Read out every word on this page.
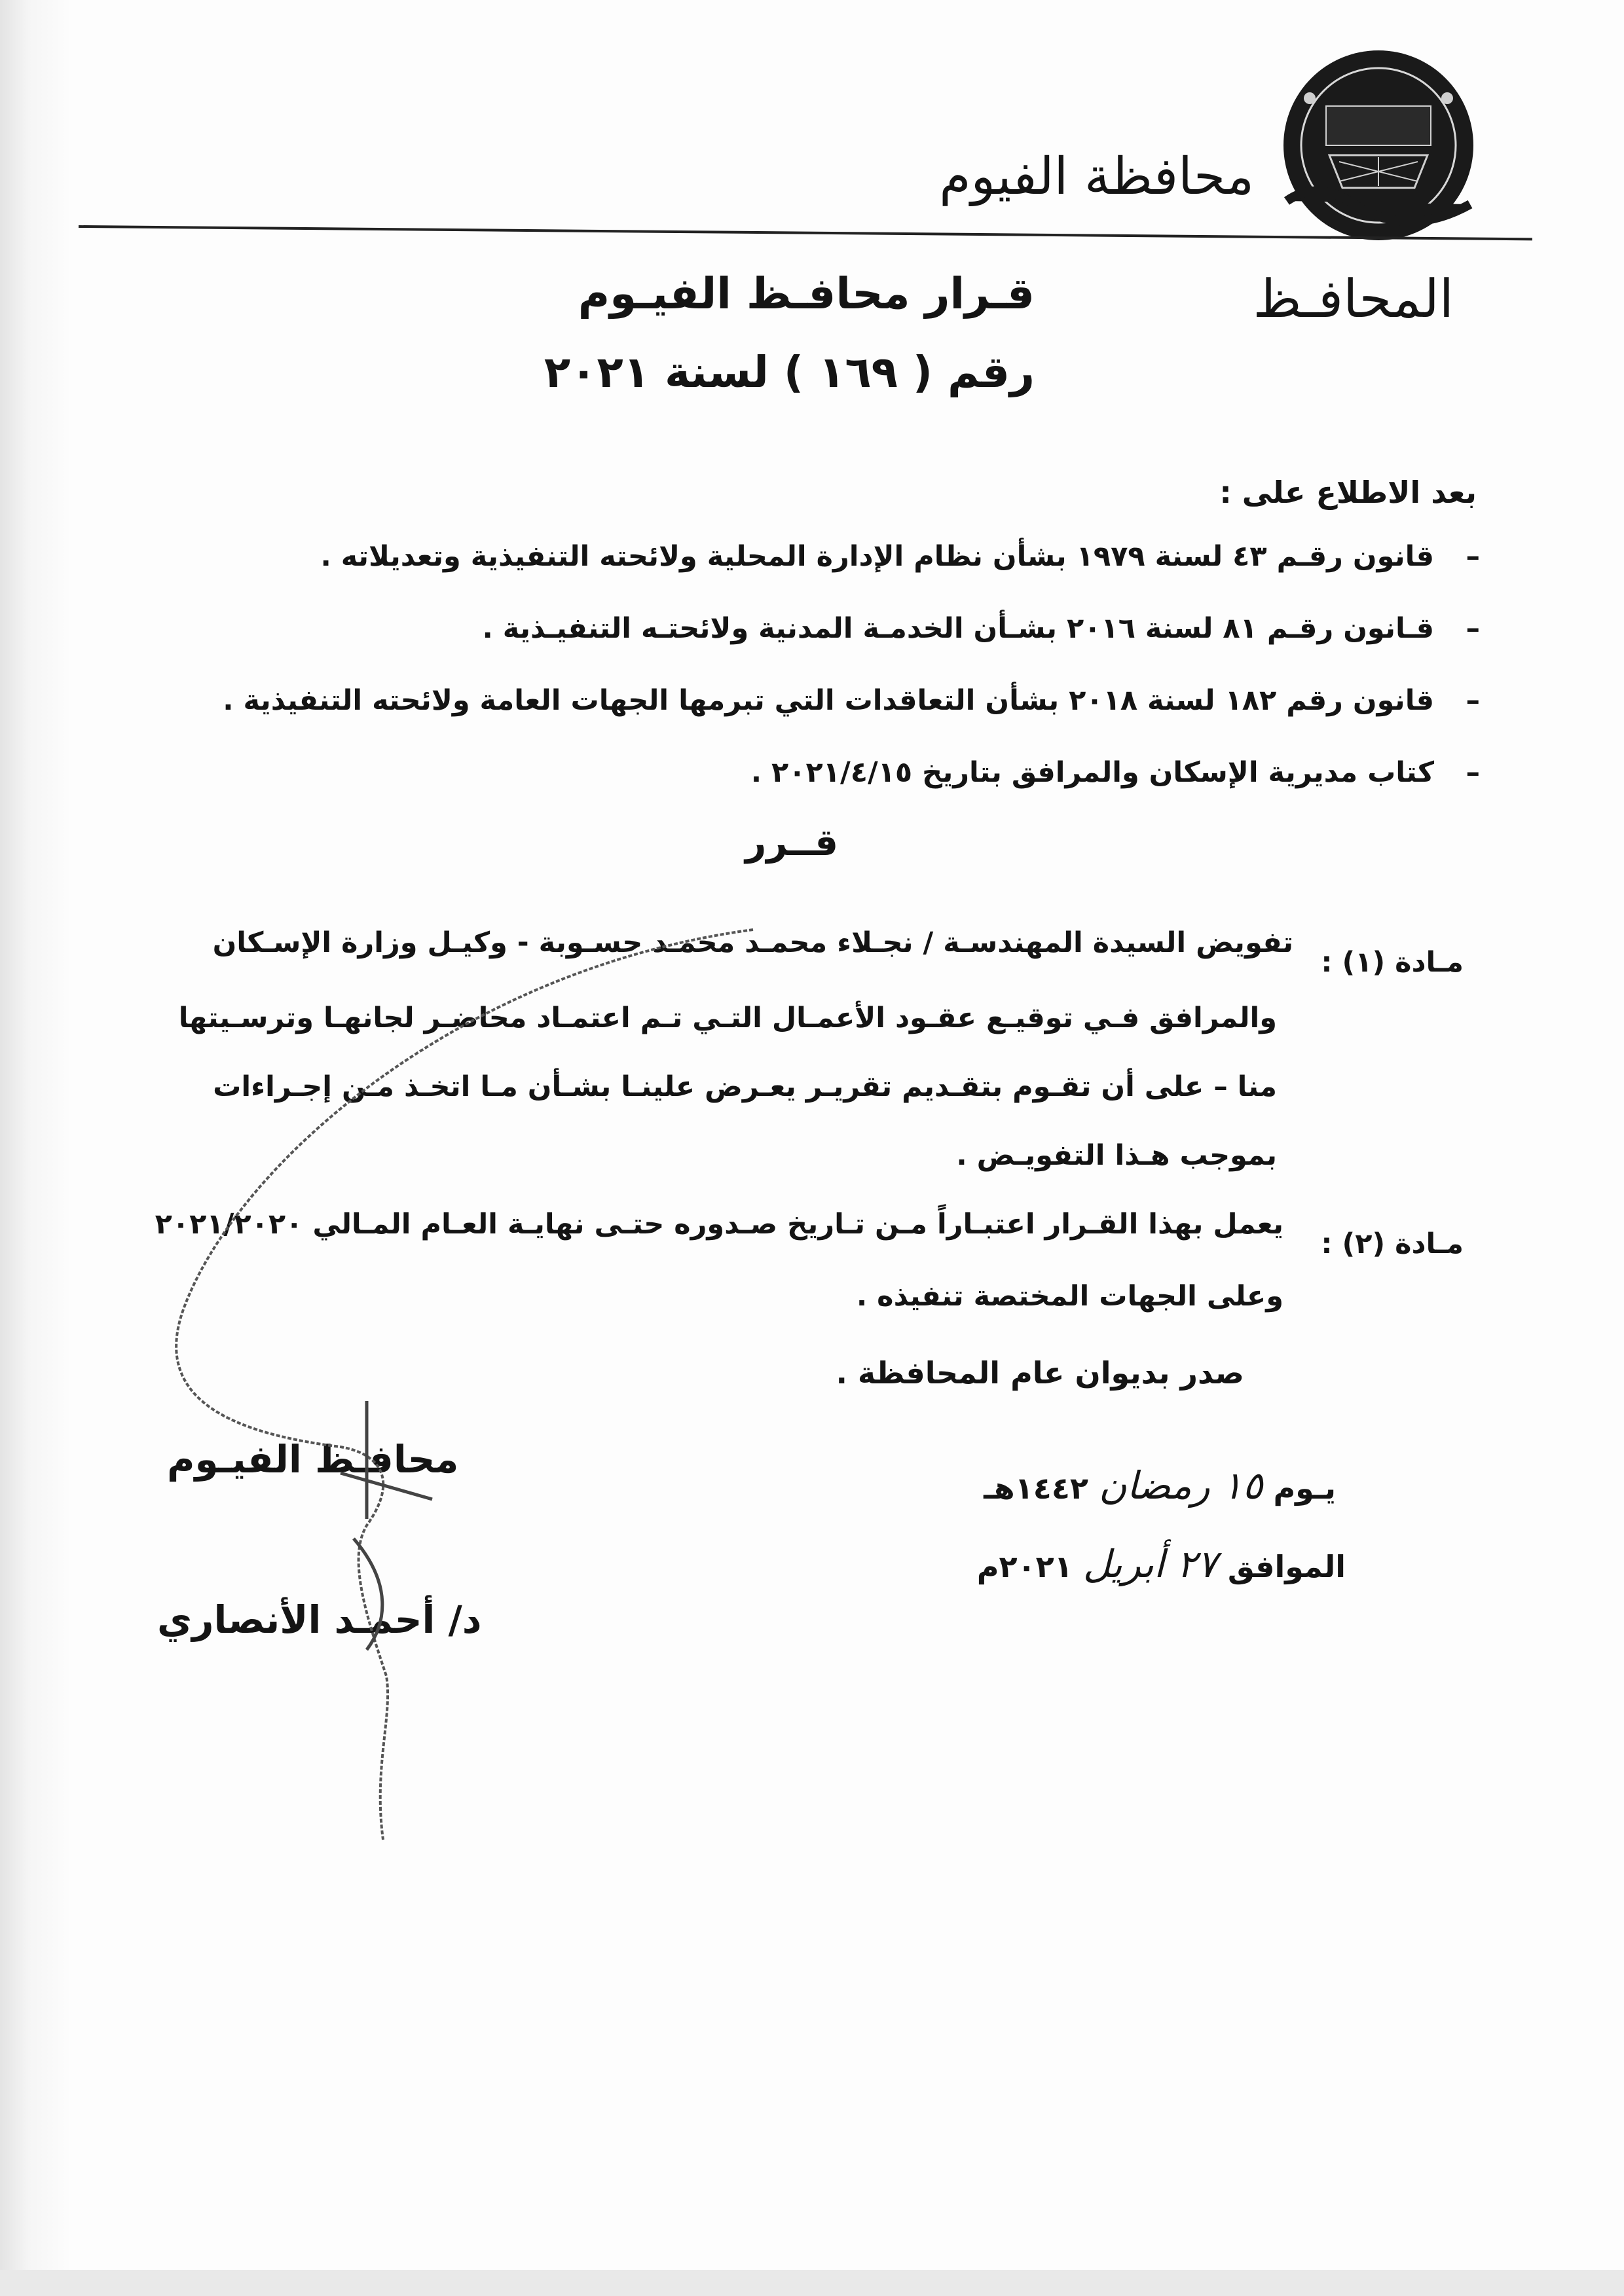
محافظة الفيوم
المحافـظ
قـرار محافـظ الفيـوم
رقم ( ١٦٩ ) لسنة ٢٠٢١
بعد الاطلاع على :
– قانون رقـم ٤٣ لسنة ١٩٧٩ بشأن نظام الإدارة المحلية ولائحته التنفيذية وتعديلاته .
– قـانون رقـم ٨١ لسنة ٢٠١٦ بشـأن الخدمـة المدنية ولائحتـه التنفيـذية .
– قانون رقم ١٨٢ لسنة ٢٠١٨ بشأن التعاقدات التي تبرمها الجهات العامة ولائحته التنفيذية .
– كتاب مديرية الإسكان والمرافق بتاريخ ٢٠٢١/٤/١٥ .
قــرر
مـادة (١) :
تفويض السيدة المهندسـة / نجـلاء محمـد محمـد حسـوبة - وكيـل وزارة الإسـكان
والمرافق فـي توقيـع عقـود الأعمـال التـي تـم اعتمـاد محاضـر لجانهـا وترسـيتها
منا – على أن تقـوم بتقـديم تقريـر يعـرض علينـا بشـأن مـا اتخـذ مـن إجـراءات
بموجب هـذا التفويـض .
مـادة (٢) :
يعمل بهذا القـرار اعتبـاراً مـن تـاريخ صـدوره حتـى نهايـة العـام المـالي ٢٠٢١/٢٠٢٠
وعلى الجهات المختصة تنفيذه .
صدر بديوان عام المحافظة .
محافـظ الفيـوم
د/ أحمـد الأنصاري
يـوم ١٥ رمضان ١٤٤٢هـ
الموافق ٢٧ أبريل ٢٠٢١م
